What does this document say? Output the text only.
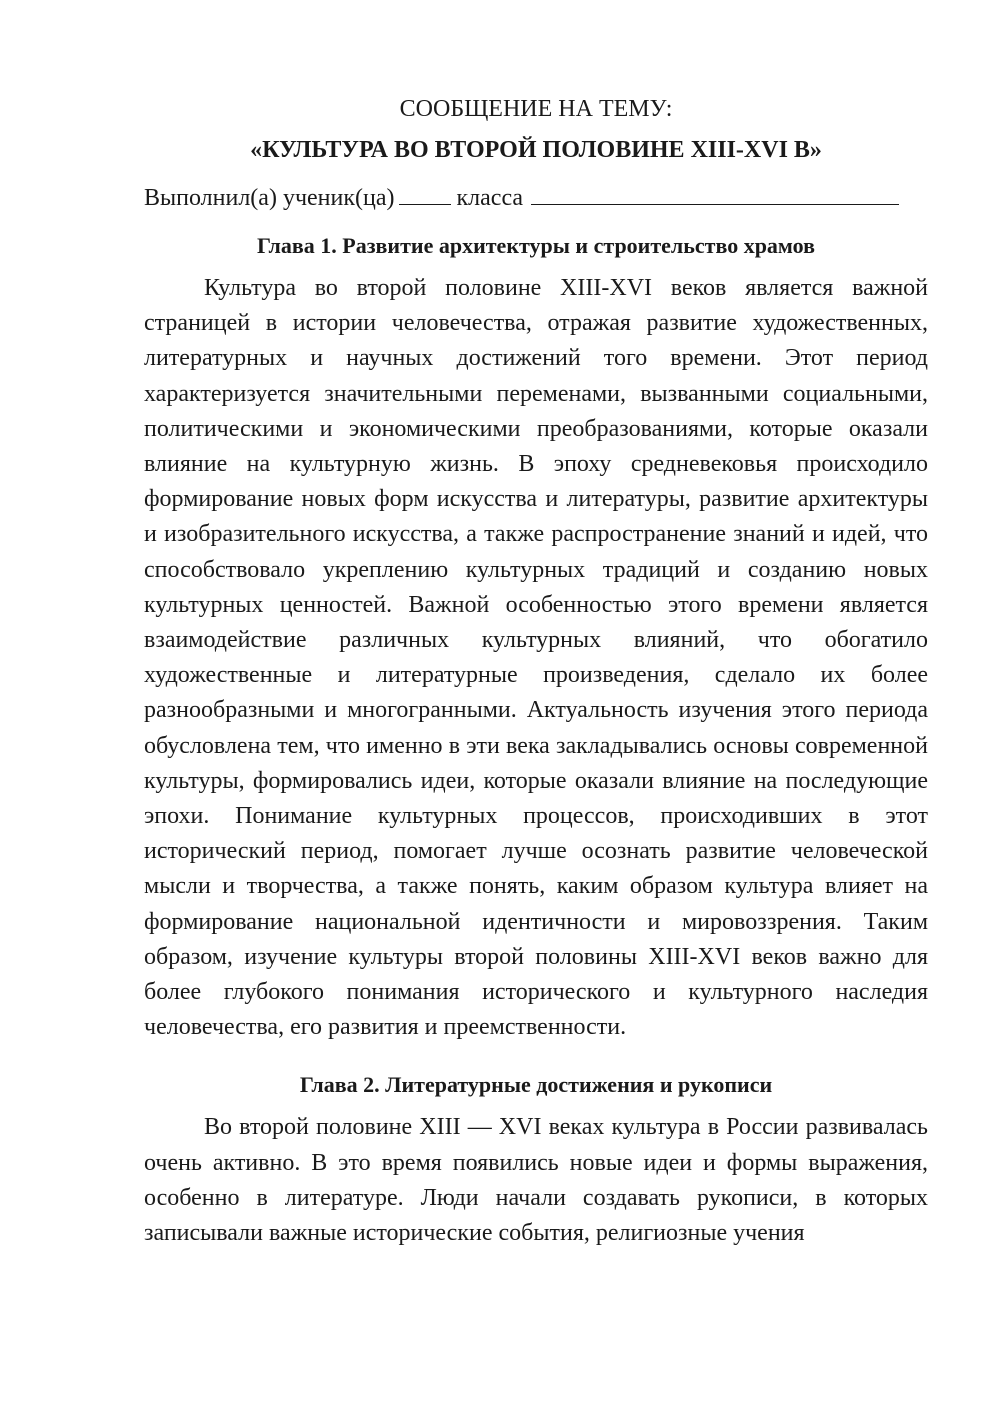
СООБЩЕНИЕ НА ТЕМУ:

«КУЛЬТУРА ВО ВТОРОЙ ПОЛОВИНЕ XIII-XVI В»

Выполнил(а) ученик(ца)	класса

Глава 1. Развитие архитектуры и строительство храмов

Культура во второй половине XIII-XVI веков является важной страницей в истории человечества, отражая развитие художественных, литературных и научных достижений того времени. Этот период характеризуется значительными переменами, вызванными социальными, политическими и экономическими преобразованиями, которые оказали влияние на культурную жизнь. В эпоху средневековья происходило формирование новых форм искусства и литературы, развитие архитектуры и изобразительного искусства, а также распространение знаний и идей, что способствовало укреплению культурных традиций и созданию новых культурных ценностей. Важной особенностью этого времени является взаимодействие различных культурных влияний, что обогатило художественные и литературные произведения, сделало их более разнообразными и многогранными. Актуальность изучения этого периода обусловлена тем, что именно в эти века закладывались основы современной культуры, формировались идеи, которые оказали влияние на последующие эпохи. Понимание культурных процессов, происходивших в этот исторический период, помогает лучше осознать развитие человеческой мысли и творчества, а также понять, каким образом культура влияет на формирование национальной идентичности и мировоззрения. Таким образом, изучение культуры второй половины XIII-XVI веков важно для более глубокого понимания исторического и культурного наследия человечества, его развития и преемственности.

Глава 2. Литературные достижения и рукописи

Во второй половине XIII — XVI веках культура в России развивалась очень активно. В это время появились новые идеи и формы выражения, особенно в литературе. Люди начали создавать рукописи, в которых записывали важные исторические события, религиозные учения
